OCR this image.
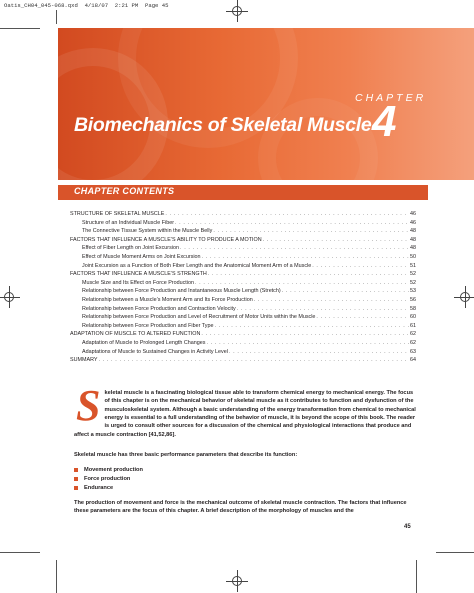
Oatis_CH04_045-068.qxd  4/18/07  2:21 PM  Page 45
CHAPTER
4
Biomechanics of Skeletal Muscle
CHAPTER CONTENTS
STRUCTURE OF SKELETAL MUSCLE . . .	46
Structure of an Individual Muscle Fiber . . .	46
The Connective Tissue System within the Muscle Belly . . .	48
FACTORS THAT INFLUENCE A MUSCLE’S ABILITY TO PRODUCE A MOTION . . .	48
Effect of Fiber Length on Joint Excursion . . .	48
Effect of Muscle Moment Arms on Joint Excursion . . .	50
Joint Excursion as a Function of Both Fiber Length and the Anatomical Moment Arm of a Muscle . . .	51
FACTORS THAT INFLUENCE A MUSCLE’S STRENGTH . . .	52
Muscle Size and Its Effect on Force Production . . .	52
Relationship between Force Production and Instantaneous Muscle Length (Stretch) . . .	53
Relationship between a Muscle’s Moment Arm and Its Force Production . . .	56
Relationship between Force Production and Contraction Velocity . . .	58
Relationship between Force Production and Level of Recruitment of Motor Units within the Muscle . . .	60
Relationship between Force Production and Fiber Type . . .	61
ADAPTATION OF MUSCLE TO ALTERED FUNCTION . . .	62
Adaptation of Muscle to Prolonged Length Changes . . .	62
Adaptations of Muscle to Sustained Changes in Activity Level . . .	63
SUMMARY . . .	64
S keletal muscle is a fascinating biological tissue able to transform chemical energy to mechanical energy. The focus of this chapter is on the mechanical behavior of skeletal muscle as it contributes to function and dysfunction of the musculoskeletal system. Although a basic understanding of the energy transformation from chemical to mechanical energy is essential to a full understanding of the behavior of muscle, it is beyond the scope of this book. The reader is urged to consult other sources for a discussion of the chemical and physiological interactions that produce and affect a muscle contraction [41,52,86].
Skeletal muscle has three basic performance parameters that describe its function:
Movement production
Force production
Endurance
The production of movement and force is the mechanical outcome of skeletal muscle contraction. The factors that influence these parameters are the focus of this chapter. A brief description of the morphology of muscles and the
45
